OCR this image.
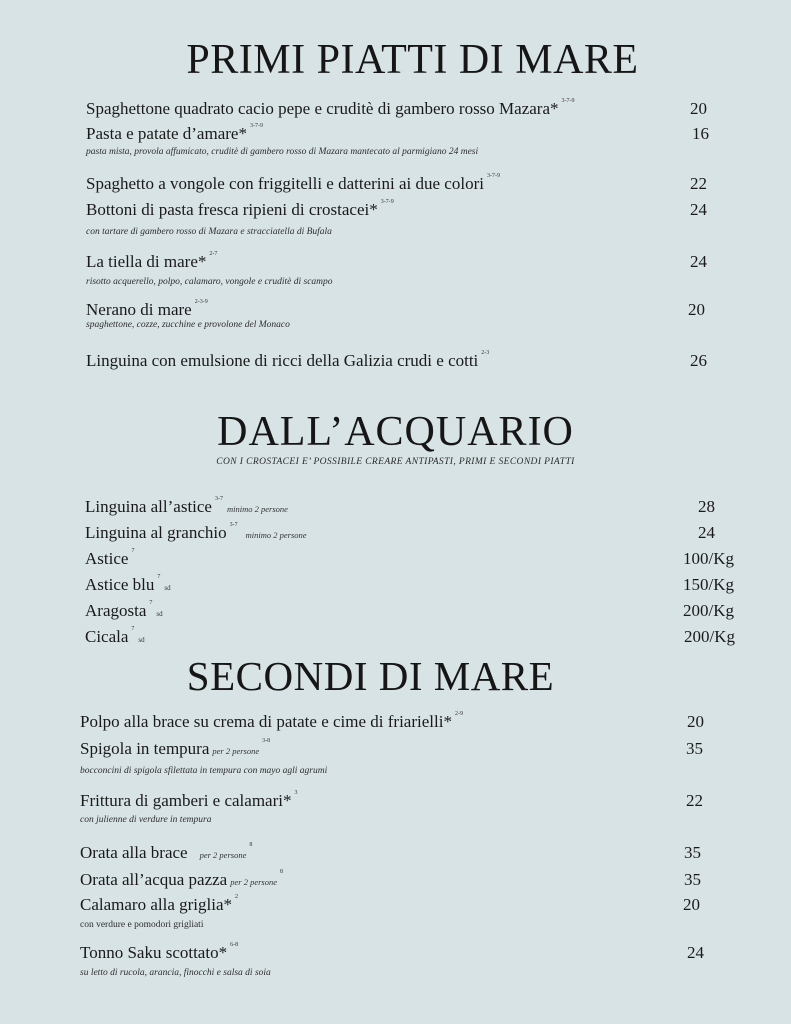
PRIMI PIATTI DI MARE
Spaghettone quadrato cacio pepe e cruditè di gambero rosso Mazara* $^{3-7-9}$	20
Pasta e patate d’amare* $^{3-7-9}$	16
pasta mista, provola affumicato, cruditè di gambero rosso di Mazara mantecato al parmigiano 24 mesi
Spaghetto a vongole con friggitelli e datterini ai due colori $^{3-7-9}$	22
Bottoni di pasta fresca ripieni di crostacei* $^{3-7-9}$	24
con tartare di gambero rosso di Mazara e stracciatella di Bufala
La tiella di mare* $^{2-7}$	24
risotto acquerello, polpo, calamaro, vongole e cruditè di scampo
Nerano di mare $^{2-3-9}$	20
spaghettone, cozze, zucchine e provolone del Monaco
Linguina con emulsione di ricci della Galizia crudi e cotti $^{2-3}$	26
DALL’ACQUARIO
CON I CROSTACEI E’ POSSIBILE CREARE ANTIPASTI, PRIMI E SECONDI PIATTI
Linguina all’astice $^{3-7}$minimo 2 persone	28
Linguina al granchio $^{3-7}$minimo 2 persone	24
Astice $^7$	100/Kg
Astice blu $^7$sd	150/Kg
Aragosta $^7$sd	200/Kg
Cicala $^7$sd	200/Kg
SECONDI DI MARE
Polpo alla brace su crema di patate e cime di friarielli* $^{2-9}$	20
Spigola in tempura per 2 persone$^{3-8}$	35
bocconcini di spigola sfilettata in tempura con mayo agli agrumi
Frittura di gamberi e calamari* $^3$	22
con julienne di verdure in tempura
Orata alla brace per 2 persone$^8$	35
Orata all’acqua pazza per 2 persone$^8$	35
Calamaro alla griglia* $^2$	20
con verdure e pomodori grigliati
Tonno Saku scottato* $^{6-8}$	24
su letto di rucola, arancia, finocchi e salsa di soia
